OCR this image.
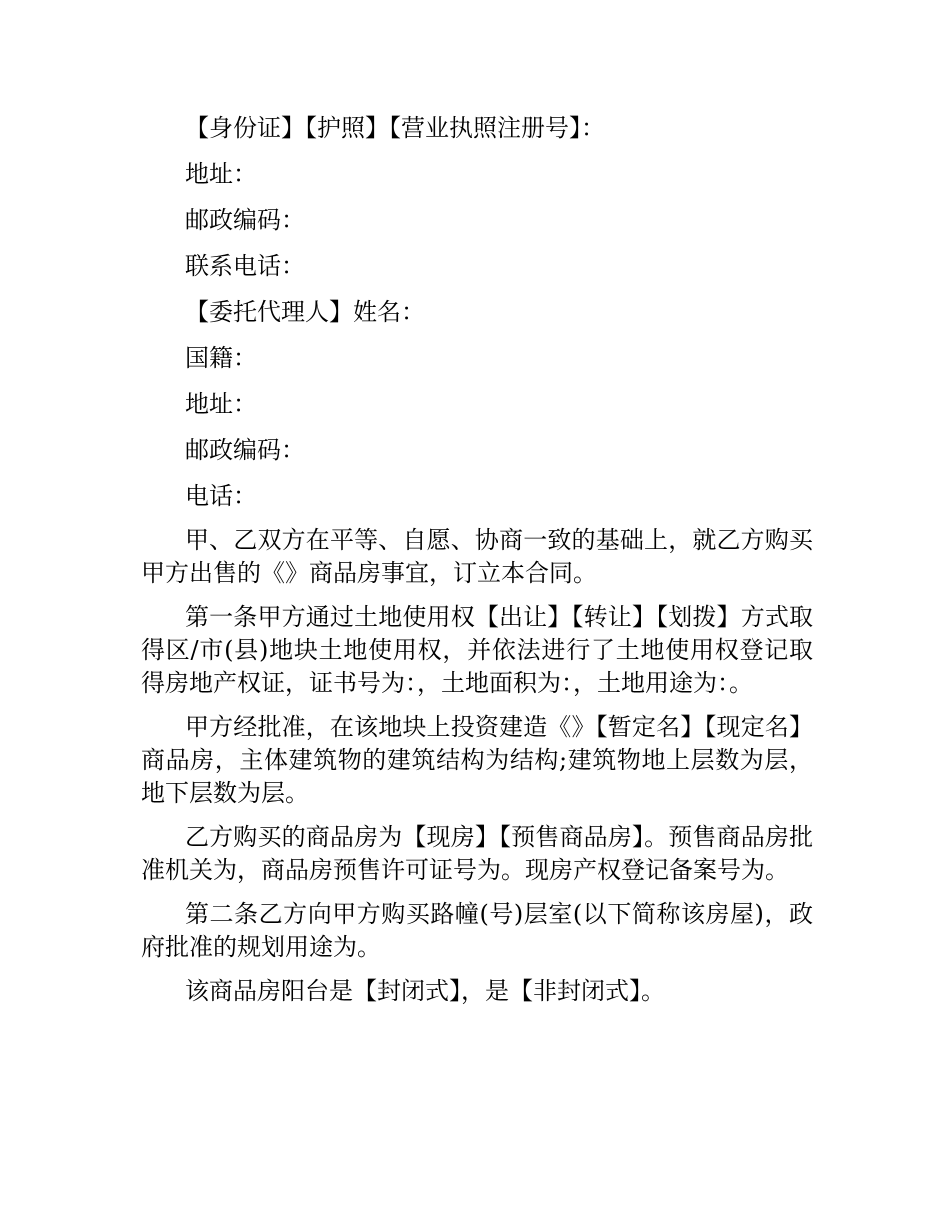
【身份证】【护照】【营业执照注册号】：
地址：
邮政编码：
联系电话：
【委托代理人】姓名：
国籍：
地址：
邮政编码：
电话：

甲、乙双方在平等、自愿、协商一致的基础上，就乙方购买甲方出售的《》商品房事宜，订立本合同。

第一条甲方通过土地使用权【出让】【转让】【划拨】方式取得区/市(县)地块土地使用权，并依法进行了土地使用权登记取得房地产权证，证书号为：，土地面积为：，土地用途为：。

甲方经批准，在该地块上投资建造《》【暂定名】【现定名】商品房，主体建筑物的建筑结构为结构;建筑物地上层数为层，地下层数为层。

乙方购买的商品房为【现房】【预售商品房】。预售商品房批准机关为，商品房预售许可证号为。现房产权登记备案号为。

第二条乙方向甲方购买路幢(号)层室(以下简称该房屋)，政府批准的规划用途为。

该商品房阳台是【封闭式】，是【非封闭式】。
